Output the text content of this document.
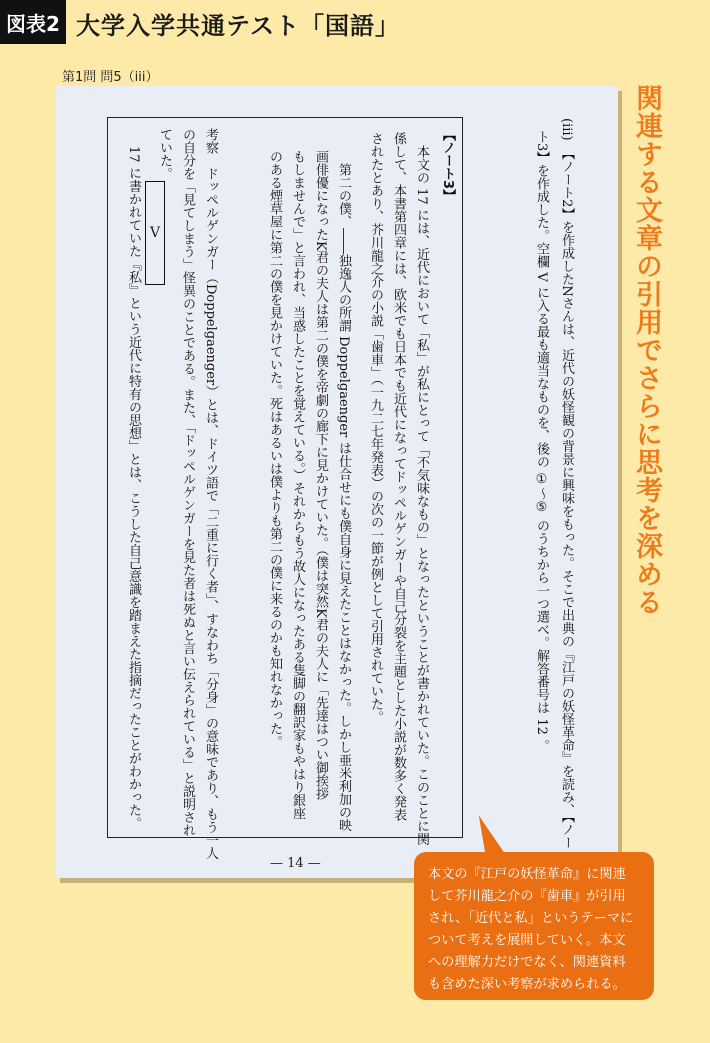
図表2 大学入学共通テスト「国語」
第1問 問5（iii）
(iii)　【ノート2】を作成したNさんは、近代の妖怪観の背景に興味をもった。そこで出典の『江戸の妖怪革命』を読み、【ノー
ト3】を作成した。空欄 V に入る最も適当なものを、後の ①～⑤ のうちから一つ選べ。解答番号は 12 。
【ノート3】
　本文の 17 には、近代において「私」が私にとって「不気味なもの」となったということが書かれていた。このことに関
係して、本書第四章には、欧米でも日本でも近代になってドッペルゲンガーや自己分裂を主題とした小説が数多く発表
されたとあり、芥川龍之介の小説「歯車」（一九二七年発表）の次の一節が例として引用されていた。
　第二の僕、――独逸人の所謂 Doppelgaenger は仕合せにも僕自身に見えたことはなかった。しかし亜米利加の映
画俳優になったK君の夫人は第二の僕を帝劇の廊下に見かけていた。（僕は突然K君の夫人に「先達はつい御挨拶
もしませんで」と言われ、当惑したことを覚えている。）それからもう故人になったある隻脚の翻訳家もやはり銀座
のある煙草屋に第二の僕を見かけていた。死はあるいは僕よりも第二の僕に来るのかも知れなかった。
考察　ドッペルゲンガー（Doppelgaenger）とは、ドイツ語で「二重に行く者」、すなわち「分身」の意味であり、もう一人
の自分を「見てしまう」怪異のことである。また、「ドッペルゲンガーを見た者は死ぬと言い伝えられている」と説明され
ていた。
17 に書かれていた『私』という近代に特有の思想」とは、こうした自己意識を踏まえた指摘だったことがわかった。 V
— 14 —
関連する文章の引用でさらに思考を深める
本文の『江戸の妖怪革命』に関連
して芥川龍之介の『歯車』が引用
され、「近代と私」というテーマに
ついて考えを展開していく。本文
への理解力だけでなく、関連資料
も含めた深い考察が求められる。
